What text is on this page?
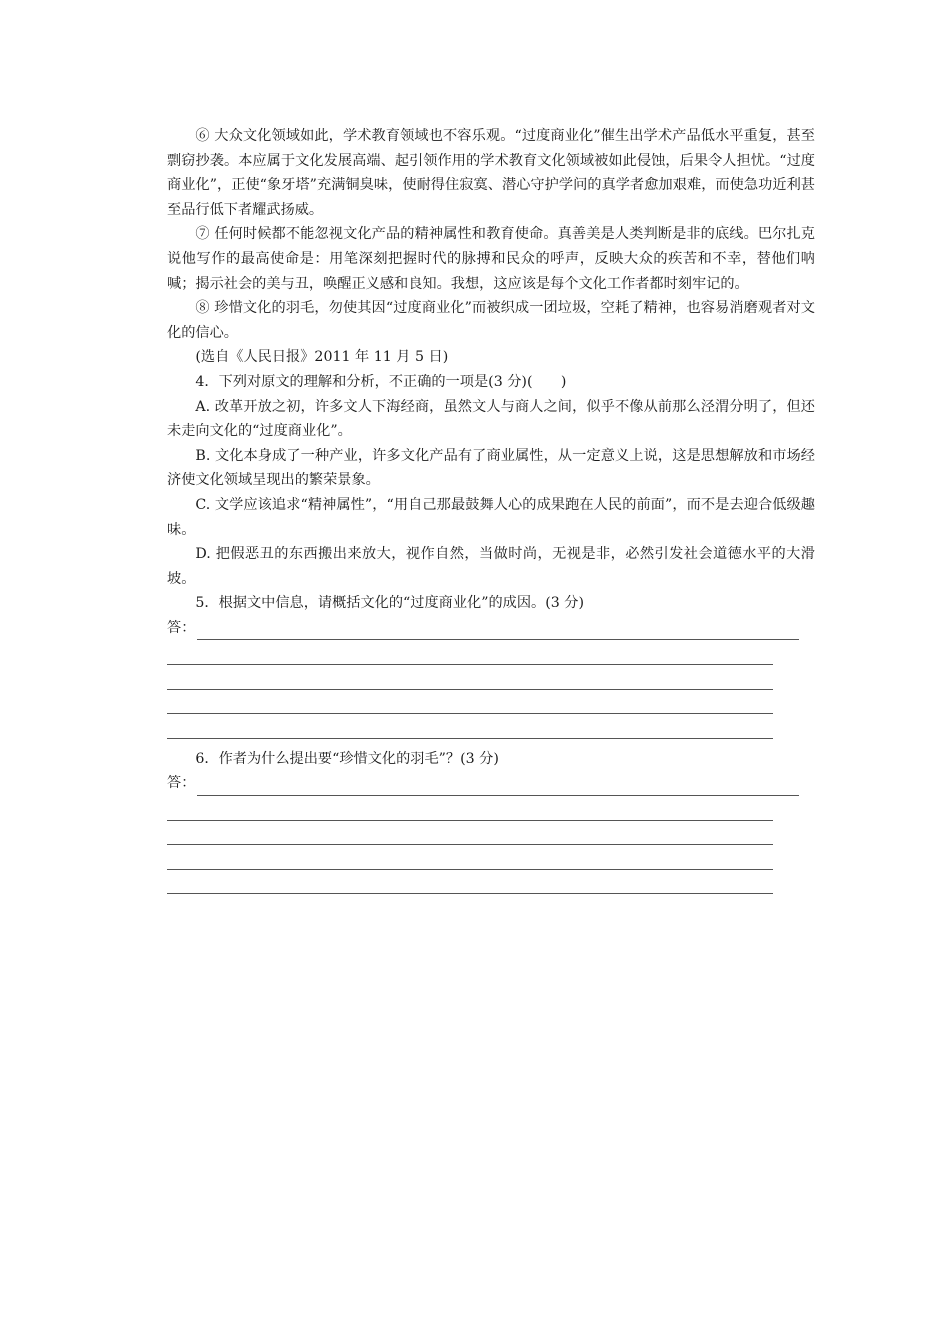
⑥ 大众文化领域如此，学术教育领域也不容乐观。“过度商业化”催生出学术产品低水平重复，甚至剽窃抄袭。本应属于文化发展高端、起引领作用的学术教育文化领域被如此侵蚀，后果令人担忧。“过度商业化”，正使“象牙塔”充满铜臭味，使耐得住寂寞、潜心守护学问的真学者愈加艰难，而使急功近利甚至品行低下者耀武扬威。

⑦ 任何时候都不能忽视文化产品的精神属性和教育使命。真善美是人类判断是非的底线。巴尔扎克说他写作的最高使命是：用笔深刻把握时代的脉搏和民众的呼声，反映大众的疾苦和不幸，替他们呐喊；揭示社会的美与丑，唤醒正义感和良知。我想，这应该是每个文化工作者都时刻牢记的。

⑧ 珍惜文化的羽毛，勿使其因“过度商业化”而被织成一团垃圾，空耗了精神，也容易消磨观者对文化的信心。

(选自《人民日报》2011 年 11 月 5 日)

4．下列对原文的理解和分析，不正确的一项是(3 分)(　　)

A. 改革开放之初，许多文人下海经商，虽然文人与商人之间，似乎不像从前那么泾渭分明了，但还未走向文化的“过度商业化”。

B. 文化本身成了一种产业，许多文化产品有了商业属性，从一定意义上说，这是思想解放和市场经济使文化领域呈现出的繁荣景象。

C. 文学应该追求“精神属性”，“用自己那最鼓舞人心的成果跑在人民的前面”，而不是去迎合低级趣味。

D. 把假恶丑的东西搬出来放大，视作自然，当做时尚，无视是非，必然引发社会道德水平的大滑坡。

5．根据文中信息，请概括文化的“过度商业化”的成因。(3 分)

答：

6．作者为什么提出要“珍惜文化的羽毛”？(3 分)

答：
